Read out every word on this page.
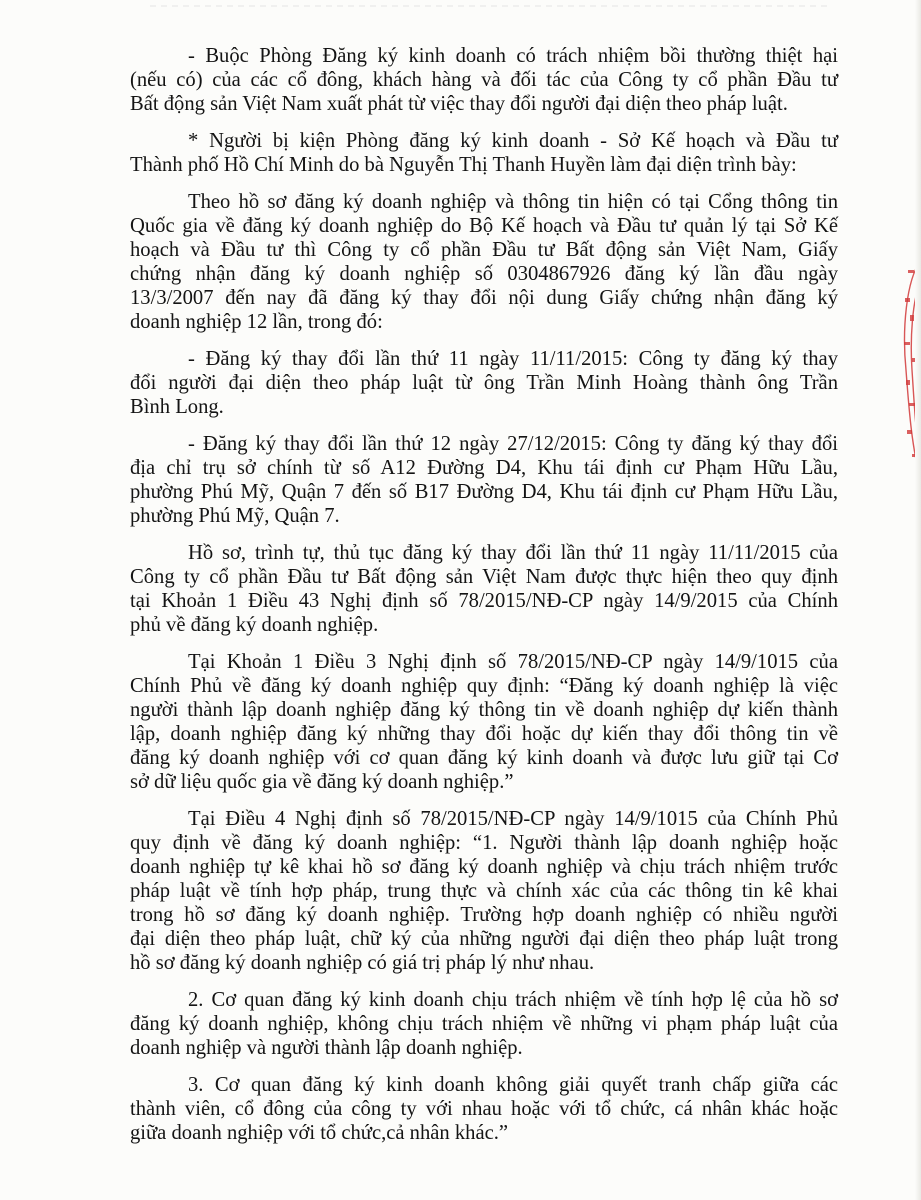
- Buộc Phòng Đăng ký kinh doanh có trách nhiệm bồi thường thiệt hại
(nếu có) của các cổ đông, khách hàng và đối tác của Công ty cổ phần Đầu tư
Bất động sản Việt Nam xuất phát từ việc thay đổi người đại diện theo pháp luật.
* Người bị kiện Phòng đăng ký kinh doanh - Sở Kế hoạch và Đầu tư
Thành phố Hồ Chí Minh do bà Nguyễn Thị Thanh Huyền làm đại diện trình bày:
Theo hồ sơ đăng ký doanh nghiệp và thông tin hiện có tại Cổng thông tin
Quốc gia về đăng ký doanh nghiệp do Bộ Kế hoạch và Đầu tư quản lý tại Sở Kế
hoạch và Đầu tư thì Công ty cổ phần Đầu tư Bất động sản Việt Nam, Giấy
chứng nhận đăng ký doanh nghiệp số 0304867926 đăng ký lần đầu ngày
13/3/2007 đến nay đã đăng ký thay đổi nội dung Giấy chứng nhận đăng ký
doanh nghiệp 12 lần, trong đó:
- Đăng ký thay đổi lần thứ 11 ngày 11/11/2015: Công ty đăng ký thay
đổi người đại diện theo pháp luật từ ông Trần Minh Hoàng thành ông Trần
Bình Long.
- Đăng ký thay đổi lần thứ 12 ngày 27/12/2015: Công ty đăng ký thay đổi
địa chỉ trụ sở chính từ số A12 Đường D4, Khu tái định cư Phạm Hữu Lầu,
phường Phú Mỹ, Quận 7 đến số B17 Đường D4, Khu tái định cư Phạm Hữu Lầu,
phường Phú Mỹ, Quận 7.
Hồ sơ, trình tự, thủ tục đăng ký thay đổi lần thứ 11 ngày 11/11/2015 của
Công ty cổ phần Đầu tư Bất động sản Việt Nam được thực hiện theo quy định
tại Khoản 1 Điều 43 Nghị định số 78/2015/NĐ-CP ngày 14/9/2015 của Chính
phủ về đăng ký doanh nghiệp.
Tại Khoản 1 Điều 3 Nghị định số 78/2015/NĐ-CP ngày 14/9/1015 của
Chính Phủ về đăng ký doanh nghiệp quy định: “Đăng ký doanh nghiệp là việc
người thành lập doanh nghiệp đăng ký thông tin về doanh nghiệp dự kiến thành
lập, doanh nghiệp đăng ký những thay đổi hoặc dự kiến thay đổi thông tin về
đăng ký doanh nghiệp với cơ quan đăng ký kinh doanh và được lưu giữ tại Cơ
sở dữ liệu quốc gia về đăng ký doanh nghiệp.”
Tại Điều 4 Nghị định số 78/2015/NĐ-CP ngày 14/9/1015 của Chính Phủ
quy định về đăng ký doanh nghiệp: “1. Người thành lập doanh nghiệp hoặc
doanh nghiệp tự kê khai hồ sơ đăng ký doanh nghiệp và chịu trách nhiệm trước
pháp luật về tính hợp pháp, trung thực và chính xác của các thông tin kê khai
trong hồ sơ đăng ký doanh nghiệp. Trường hợp doanh nghiệp có nhiều người
đại diện theo pháp luật, chữ ký của những người đại diện theo pháp luật trong
hồ sơ đăng ký doanh nghiệp có giá trị pháp lý như nhau.
2. Cơ quan đăng ký kinh doanh chịu trách nhiệm về tính hợp lệ của hồ sơ
đăng ký doanh nghiệp, không chịu trách nhiệm về những vi phạm pháp luật của
doanh nghiệp và người thành lập doanh nghiệp.
3. Cơ quan đăng ký kinh doanh không giải quyết tranh chấp giữa các
thành viên, cổ đông của công ty với nhau hoặc với tổ chức, cá nhân khác hoặc
giữa doanh nghiệp với tổ chức,cả nhân khác.”
